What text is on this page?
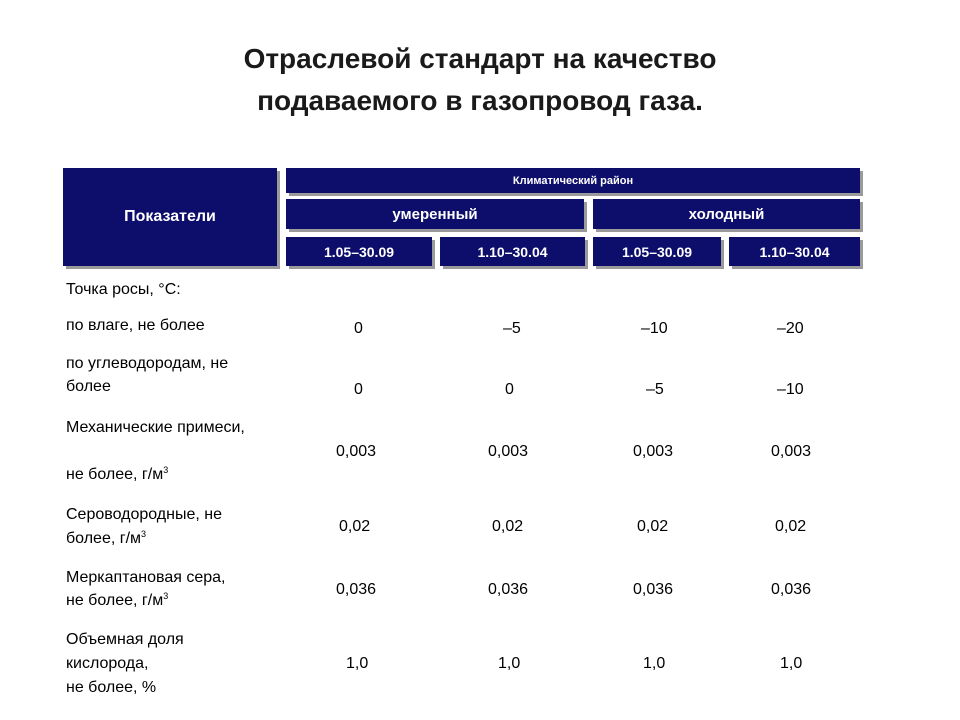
Отраслевой стандарт на качество
подаваемого в газопровод газа.
Показатели
Климатический район
умеренный	холодный
1.05–30.09	1.10–30.04	1.05–30.09	1.10–30.04
Точка росы, °С:
по влаге, не более	0	–5	–10	–20
по углеводородам, не
более	0	0	–5	–10
Механические примеси,
не более, $г/м^3$
0,003	0,003	0,003	0,003
Сероводородные, не
более, $г/м^3$	0,02	0,02	0,02	0,02
Меркаптановая сера,
не более, $г/м^3$	0,036	0,036	0,036	0,036
Объемная доля
кислорода,
не более, %
1,0	1,0	1,0	1,0
